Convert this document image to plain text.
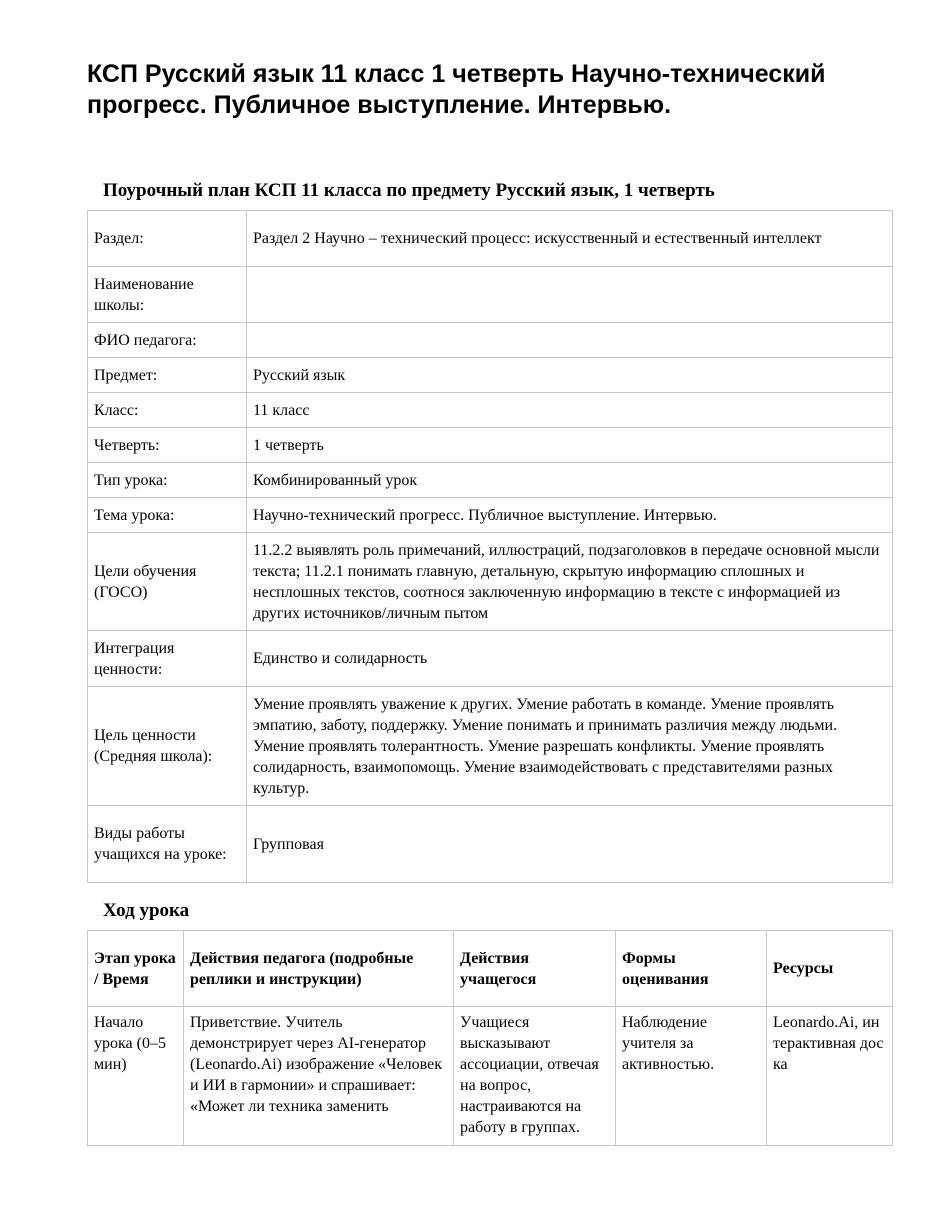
КСП Русский язык 11 класс 1 четверть Научно-технический прогресс. Публичное выступление. Интервью.
Поурочный план КСП 11 класса по предмету Русский язык, 1 четверть
Раздел:	Раздел 2 Научно – технический процесс: искусственный и естественный интеллект
Наименование школы:	
ФИО педагога:	
Предмет:	Русский язык
Класс:	11 класс
Четверть:	1 четверть
Тип урока:	Комбинированный урок
Тема урока:	Научно-технический прогресс. Публичное выступление. Интервью.
Цели обучения (ГОСО)	11.2.2 выявлять роль примечаний, иллюстраций, подзаголовков в передаче основной мысли текста; 11.2.1 понимать главную, детальную, скрытую информацию сплошных и несплошных текстов, соотнося заключенную информацию в тексте с информацией из других источников/личным пытом
Интеграция ценности:	Единство и солидарность
Цель ценности (Средняя школа):	Умение проявлять уважение к других. Умение работать в команде. Умение проявлять эмпатию, заботу, поддержку. Умение понимать и принимать различия между людьми. Умение проявлять толерантность. Умение разрешать конфликты. Умение проявлять солидарность, взаимопомощь. Умение взаимодействовать с представителями разных культур.
Виды работы учащихся на уроке:	Групповая
Ход урока
Этап урока / Время	Действия педагога (подробные реплики и инструкции)	Действия учащегося	Формы оценивания	Ресурсы

Начало урока (0–5 мин)	Приветствие. Учитель демонстрирует через AI-генератор (Leonardo.Ai) изображение «Человек и ИИ в гармонии» и спрашивает: «Может ли техника заменить	Учащиеся высказывают ассоциации, отвечая на вопрос, настраиваются на работу в группах.	Наблюдение учителя за активностью.	Leonardo.Ai, интерактивная доска
